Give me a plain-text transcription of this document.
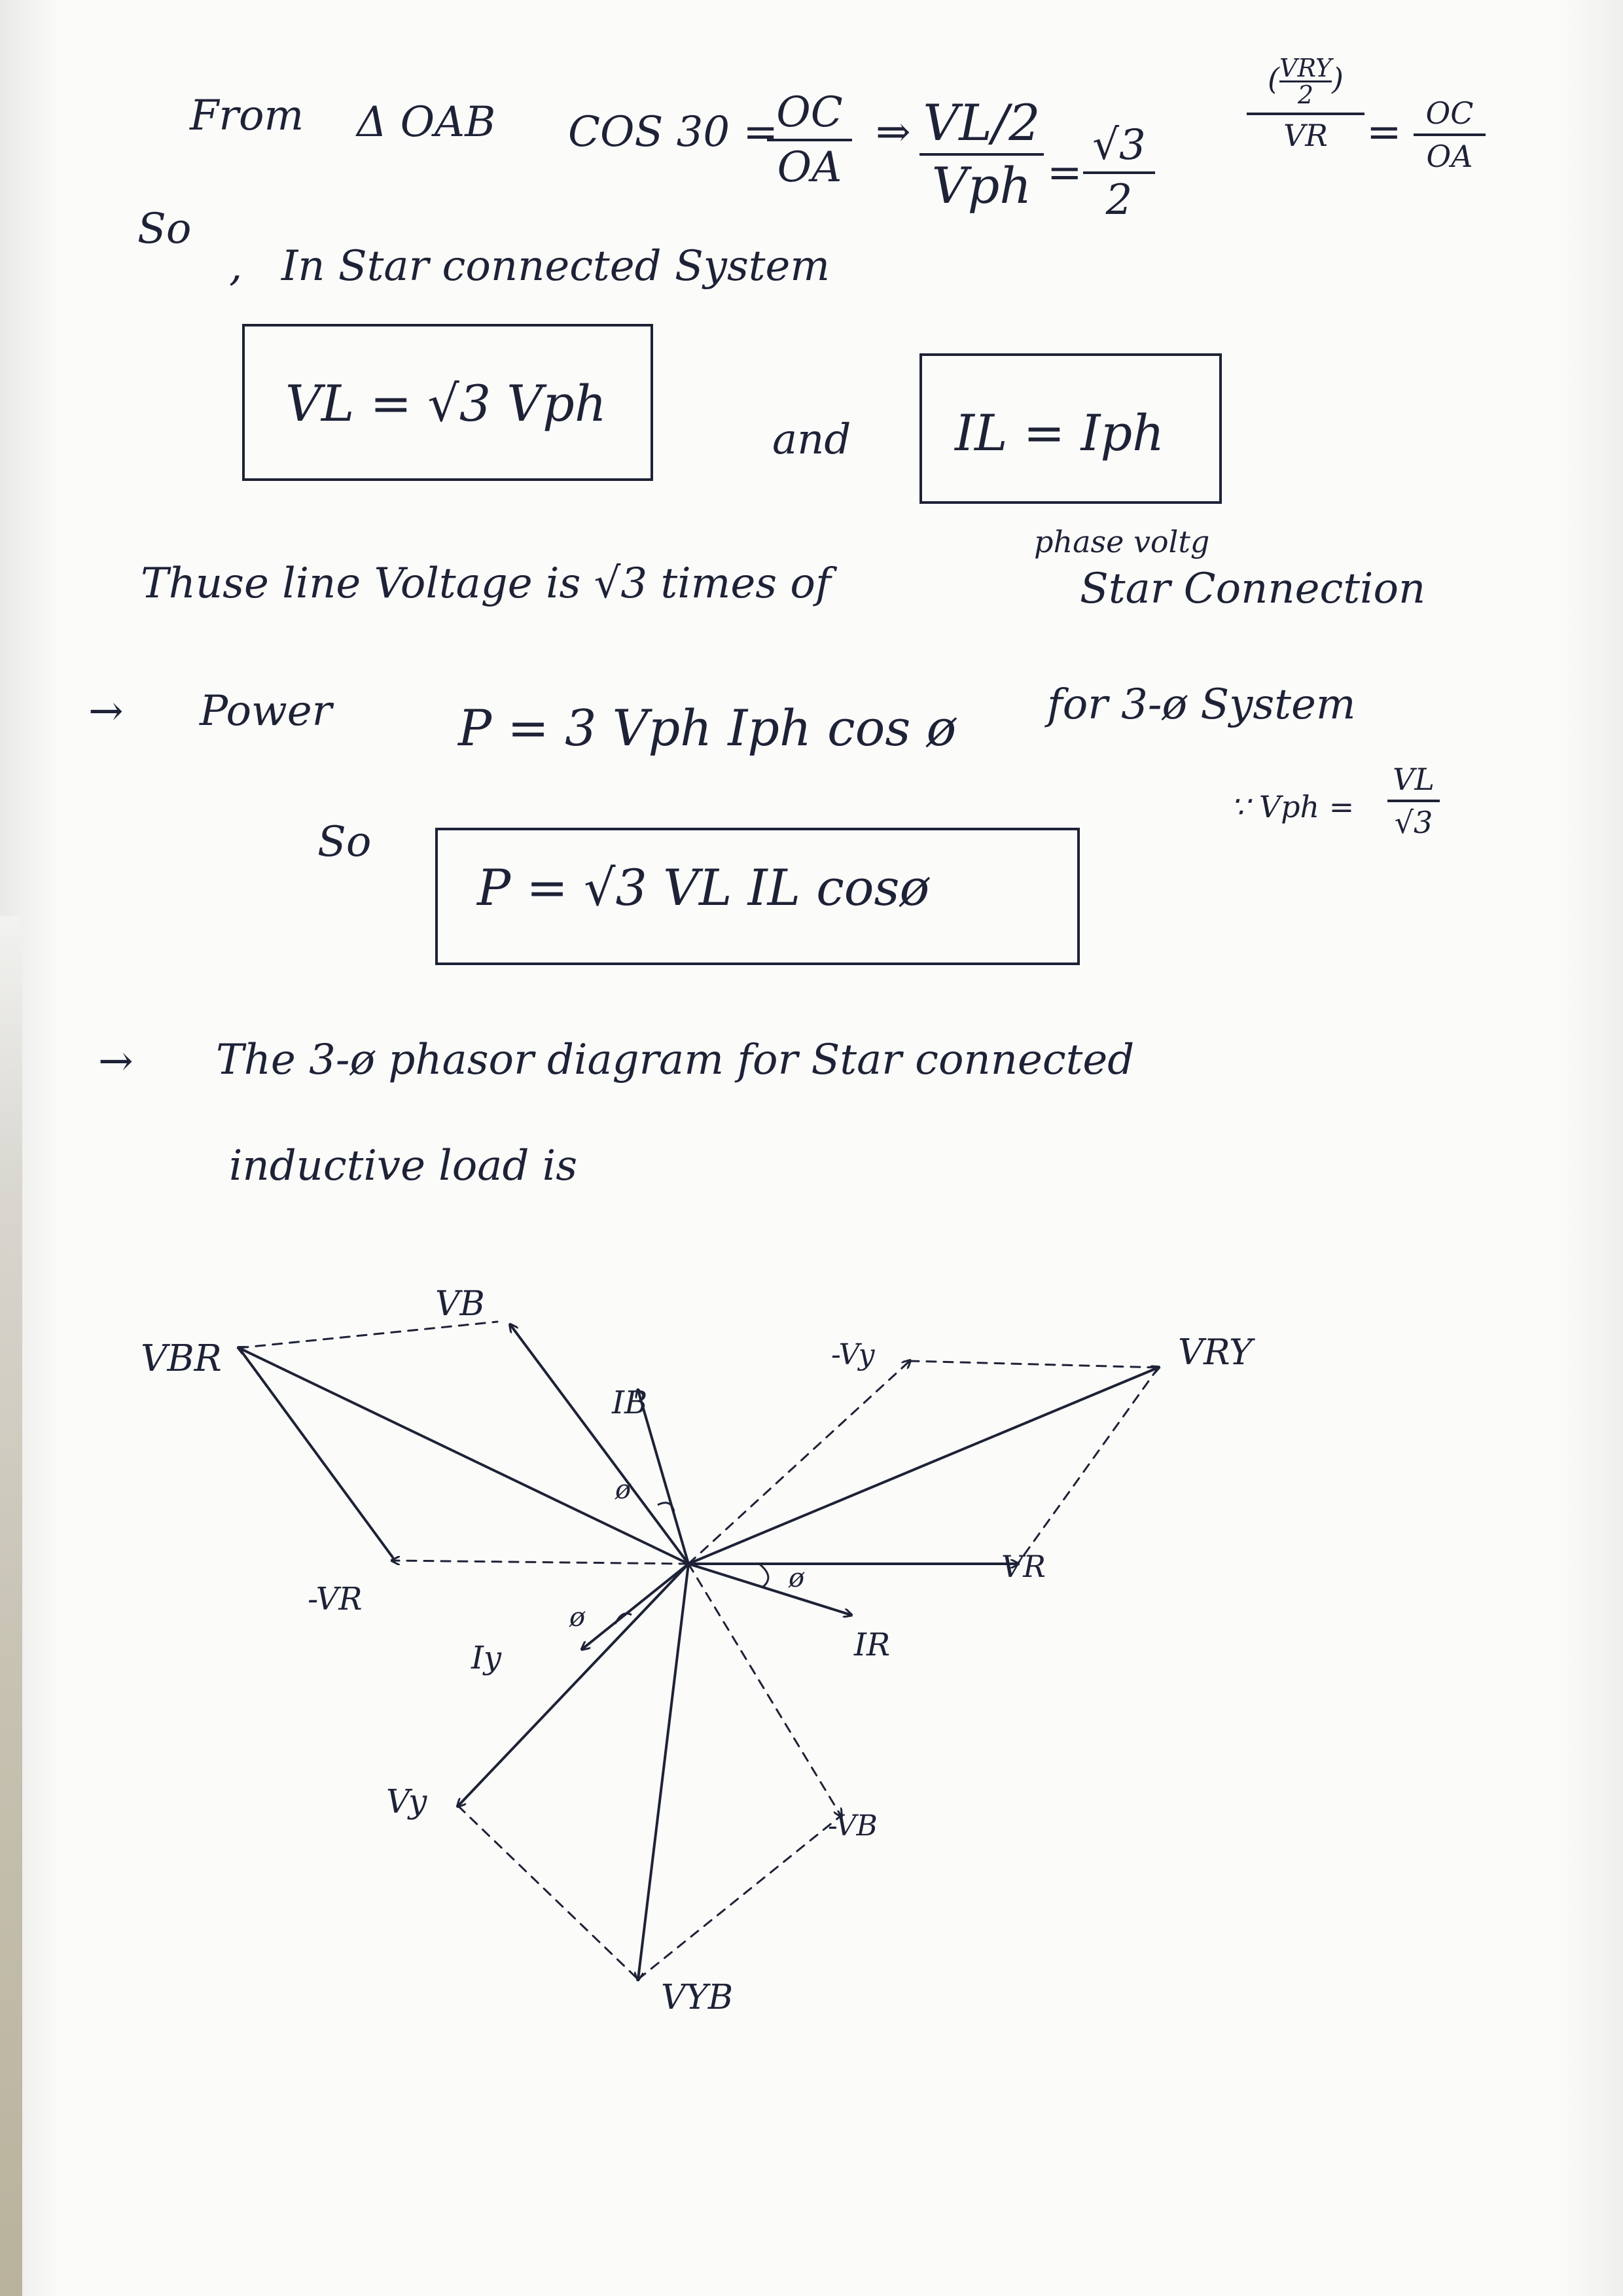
From Δ OAB COS 30 =
OC
OA
⇒ VL/2
Vph =
√3
2
( VRY
2 )
VR = OC
OA
So
, In Star connected System
VL = √3 Vph
and IL = Iph
phase voltg
Thuse line Voltage is √3 times of	Star Connection
→ Power	P = 3 Vph Iph cos ø for 3-ø System
∵ Vph =
VL
√3
So
P = √3 VL IL cosø
→ The 3-ø phasor diagram for Star connected
inductive load is
VB
VBR
IB
ø
-Vy	VRY
VR
-VR
ø
IR
Iy
ø
Vy
-VB
VYB
